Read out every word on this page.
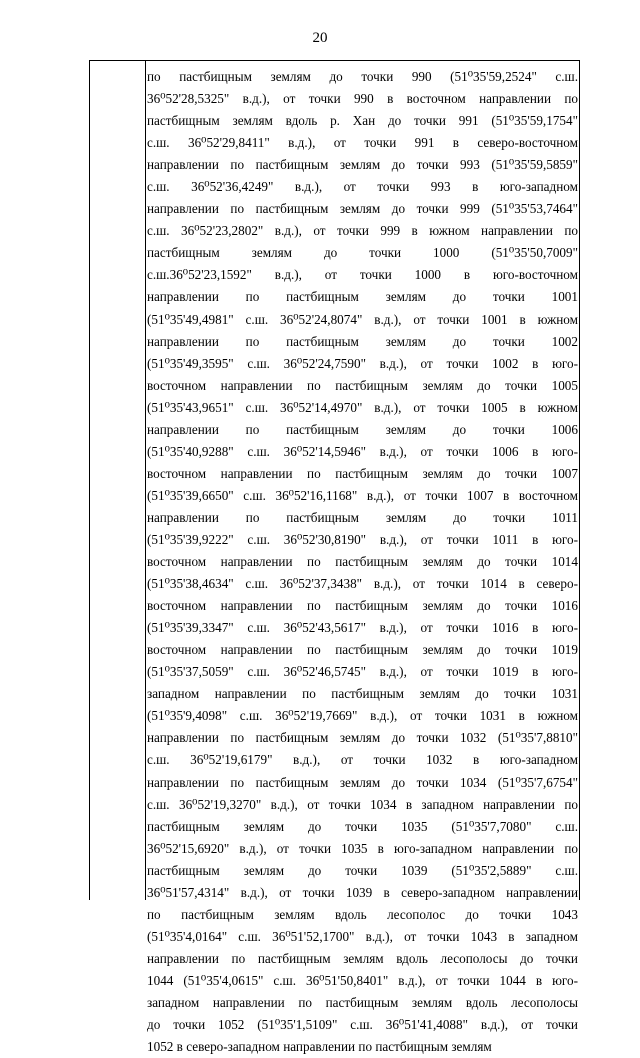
20
по пастбищным землям до точки 990 (51⁰35'59,2524" с.ш.
36⁰52'28,5325" в.д.), от точки 990 в восточном направлении по
пастбищным землям вдоль р. Хан до точки 991 (51⁰35'59,1754"
с.ш. 36⁰52'29,8411" в.д.), от точки 991 в северо-восточном
направлении по пастбищным землям до точки 993 (51⁰35'59,5859"
с.ш. 36⁰52'36,4249" в.д.), от точки 993 в юго-западном
направлении по пастбищным землям до точки 999 (51⁰35'53,7464"
с.ш. 36⁰52'23,2802" в.д.), от точки 999 в южном направлении по
пастбищным землям до точки 1000 (51⁰35'50,7009"
с.ш.36⁰52'23,1592" в.д.), от точки 1000 в юго-восточном
направлении по пастбищным землям до точки 1001
(51⁰35'49,4981" с.ш. 36⁰52'24,8074" в.д.), от точки 1001 в южном
направлении по пастбищным землям до точки 1002
(51⁰35'49,3595" с.ш. 36⁰52'24,7590" в.д.), от точки 1002 в юго-
восточном направлении по пастбищным землям до точки 1005
(51⁰35'43,9651" с.ш. 36⁰52'14,4970" в.д.), от точки 1005 в южном
направлении по пастбищным землям до точки 1006
(51⁰35'40,9288" с.ш. 36⁰52'14,5946" в.д.), от точки 1006 в юго-
восточном направлении по пастбищным землям до точки 1007
(51⁰35'39,6650" с.ш. 36⁰52'16,1168" в.д.), от точки 1007 в восточном
направлении по пастбищным землям до точки 1011
(51⁰35'39,9222" с.ш. 36⁰52'30,8190" в.д.), от точки 1011 в юго-
восточном направлении по пастбищным землям до точки 1014
(51⁰35'38,4634" с.ш. 36⁰52'37,3438" в.д.), от точки 1014 в северо-
восточном направлении по пастбищным землям до точки 1016
(51⁰35'39,3347" с.ш. 36⁰52'43,5617" в.д.), от точки 1016 в юго-
восточном направлении по пастбищным землям до точки 1019
(51⁰35'37,5059" с.ш. 36⁰52'46,5745" в.д.), от точки 1019 в юго-
западном направлении по пастбищным землям до точки 1031
(51⁰35'9,4098" с.ш. 36⁰52'19,7669" в.д.), от точки 1031 в южном
направлении по пастбищным землям до точки 1032 (51⁰35'7,8810"
с.ш. 36⁰52'19,6179" в.д.), от точки 1032 в юго-западном
направлении по пастбищным землям до точки 1034 (51⁰35'7,6754"
с.ш. 36⁰52'19,3270" в.д.), от точки 1034 в западном направлении по
пастбищным землям до точки 1035 (51⁰35'7,7080" с.ш.
36⁰52'15,6920" в.д.), от точки 1035 в юго-западном направлении по
пастбищным землям до точки 1039 (51⁰35'2,5889" с.ш.
36⁰51'57,4314" в.д.), от точки 1039 в северо-западном направлении
по пастбищным землям вдоль лесополос до точки 1043
(51⁰35'4,0164" с.ш. 36⁰51'52,1700" в.д.), от точки 1043 в западном
направлении по пастбищным землям вдоль лесополосы до точки
1044 (51⁰35'4,0615" с.ш. 36⁰51'50,8401" в.д.), от точки 1044 в юго-
западном направлении по пастбищным землям вдоль лесополосы
до точки 1052 (51⁰35'1,5109" с.ш. 36⁰51'41,4088" в.д.), от точки
1052 в северо-западном направлении по пастбищным землям
